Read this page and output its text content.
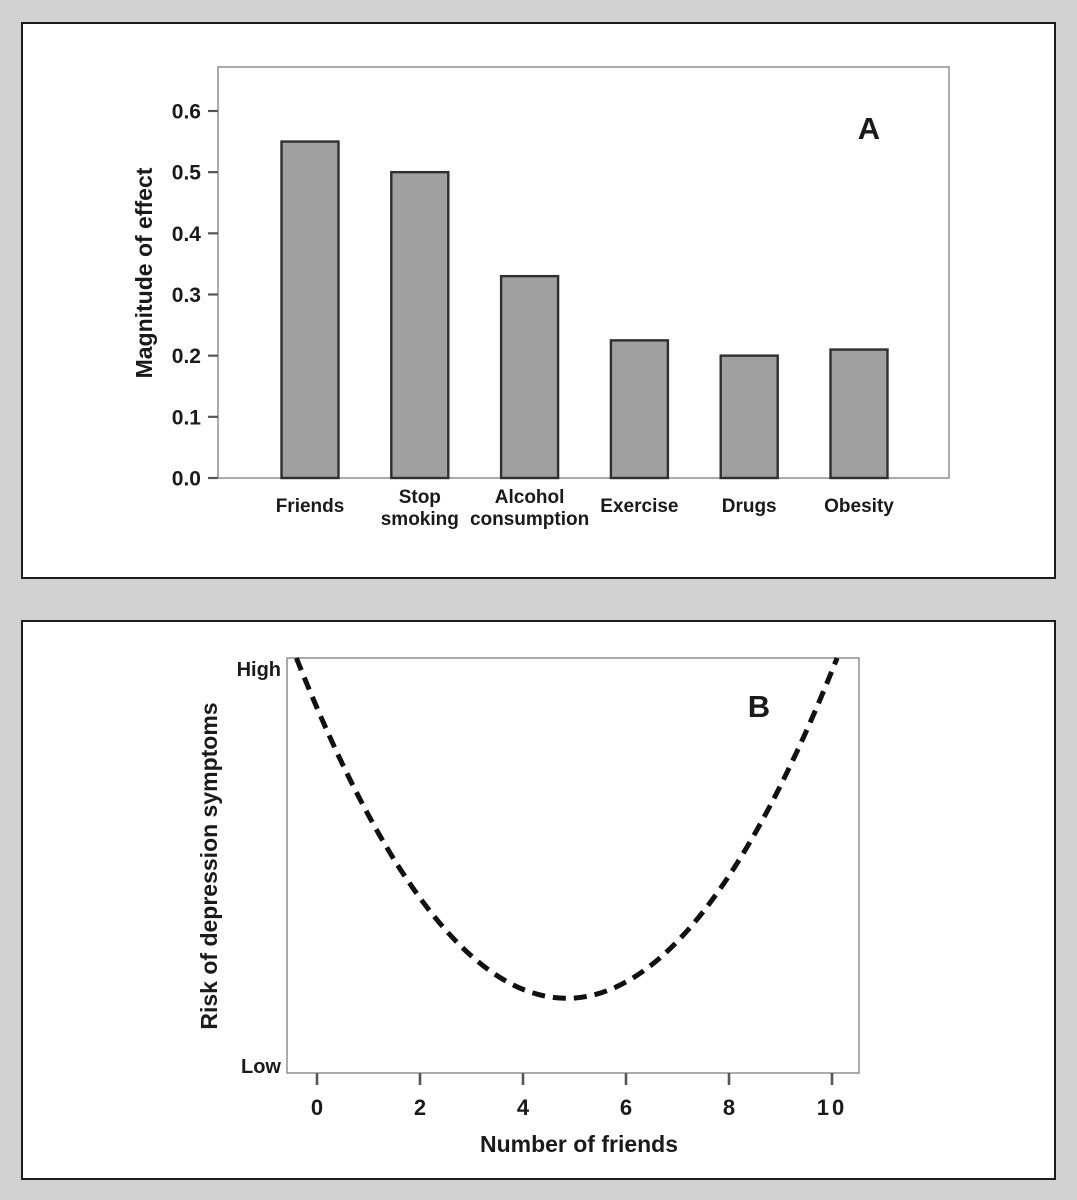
0.0
0.1
0.2
0.3
0.4
0.5
0.6
Friends	Stop smoking
Alcohol consumption
Exercise Drugs Obesity
Magnitude of effect
A
0	2	4	6	8	10
High
Low
Risk of depression symptoms
Number of friends
B
